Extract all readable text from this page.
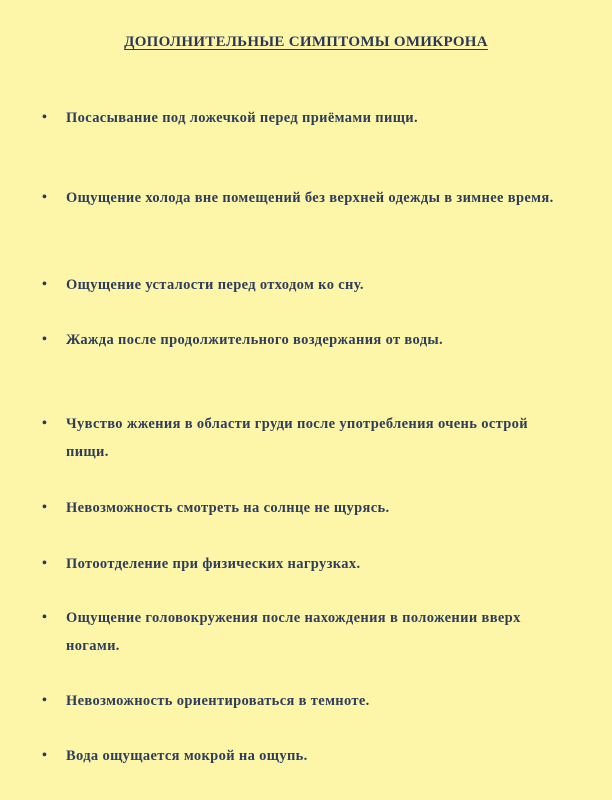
ДОПОЛНИТЕЛЬНЫЕ СИМПТОМЫ ОМИКРОНА
•	Посасывание под ложечкой перед приёмами пищи.
•	Ощущение холода вне помещений без верхней одежды в зимнее время.
•	Ощущение усталости перед отходом ко сну.
•	Жажда после продолжительного воздержания от воды.
•	Чувство жжения в области груди после употребления очень острой пищи.
•	Невозможность смотреть на солнце не щурясь.
•	Потоотделение при физических нагрузках.
•	Ощущение головокружения после нахождения в положении вверх ногами.
•	Невозможность ориентироваться в темноте.
•	Вода ощущается мокрой на ощупь.
